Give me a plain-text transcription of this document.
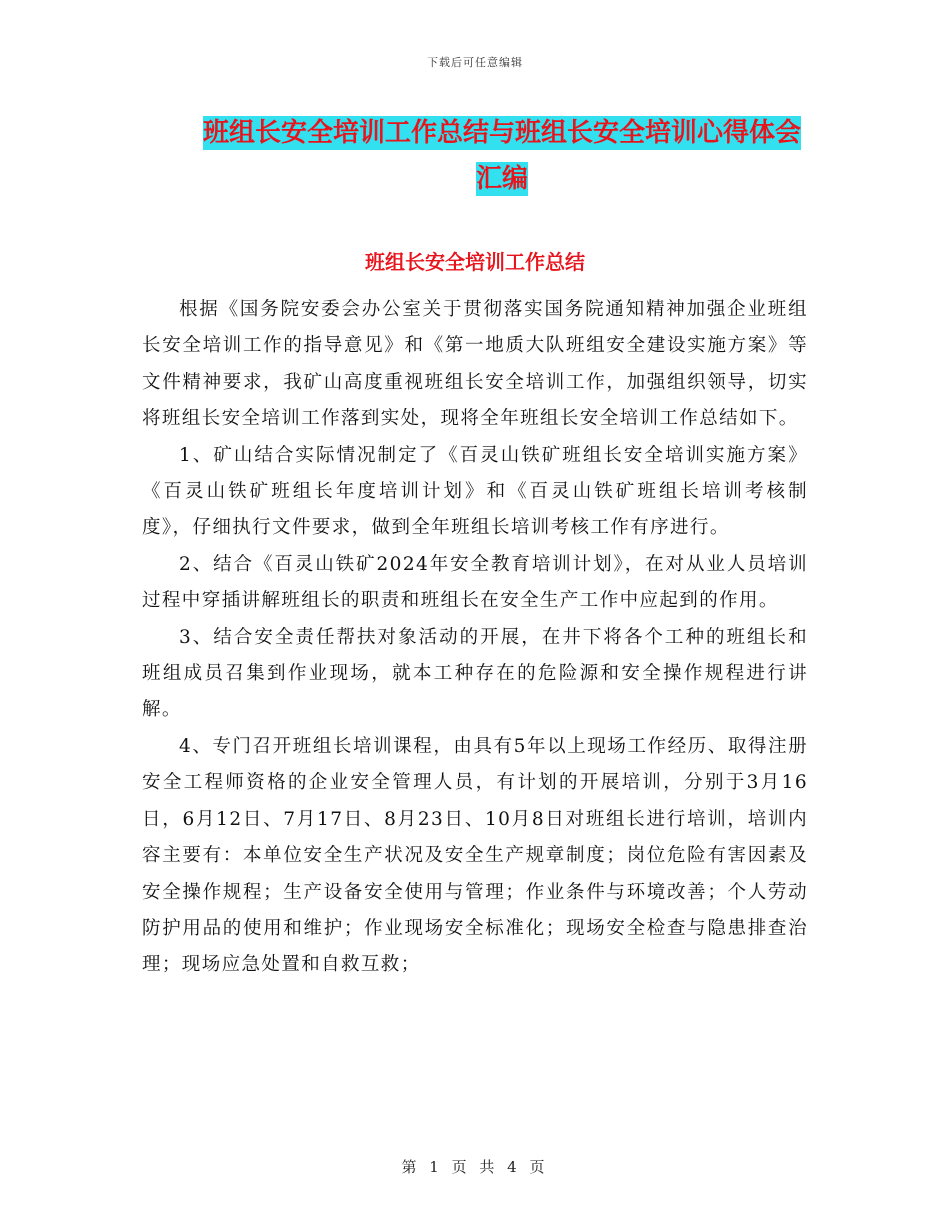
下载后可任意编辑
班组长安全培训工作总结与班组长安全培训心得体会
汇编
班组长安全培训工作总结

根据《国务院安委会办公室关于贯彻落实国务院通知精神加强企业班组长安全培训工作的指导意见》和《第一地质大队班组安全建设实施方案》等文件精神要求，我矿山高度重视班组长安全培训工作，加强组织领导，切实将班组长安全培训工作落到实处，现将全年班组长安全培训工作总结如下。

1、矿山结合实际情况制定了《百灵山铁矿班组长安全培训实施方案》《百灵山铁矿班组长年度培训计划》和《百灵山铁矿班组长培训考核制度》，仔细执行文件要求，做到全年班组长培训考核工作有序进行。

2、结合《百灵山铁矿2024年安全教育培训计划》，在对从业人员培训过程中穿插讲解班组长的职责和班组长在安全生产工作中应起到的作用。

3、结合安全责任帮扶对象活动的开展，在井下将各个工种的班组长和班组成员召集到作业现场，就本工种存在的危险源和安全操作规程进行讲解。

4、专门召开班组长培训课程，由具有5年以上现场工作经历、取得注册安全工程师资格的企业安全管理人员，有计划的开展培训，分别于3月16日，6月12日、7月17日、8月23日、10月8日对班组长进行培训，培训内容主要有：本单位安全生产状况及安全生产规章制度；岗位危险有害因素及安全操作规程；生产设备安全使用与管理；作业条件与环境改善；个人劳动防护用品的使用和维护；作业现场安全标准化；现场安全检查与隐患排查治理；现场应急处置和自救互救；

第 1 页 共 4 页
